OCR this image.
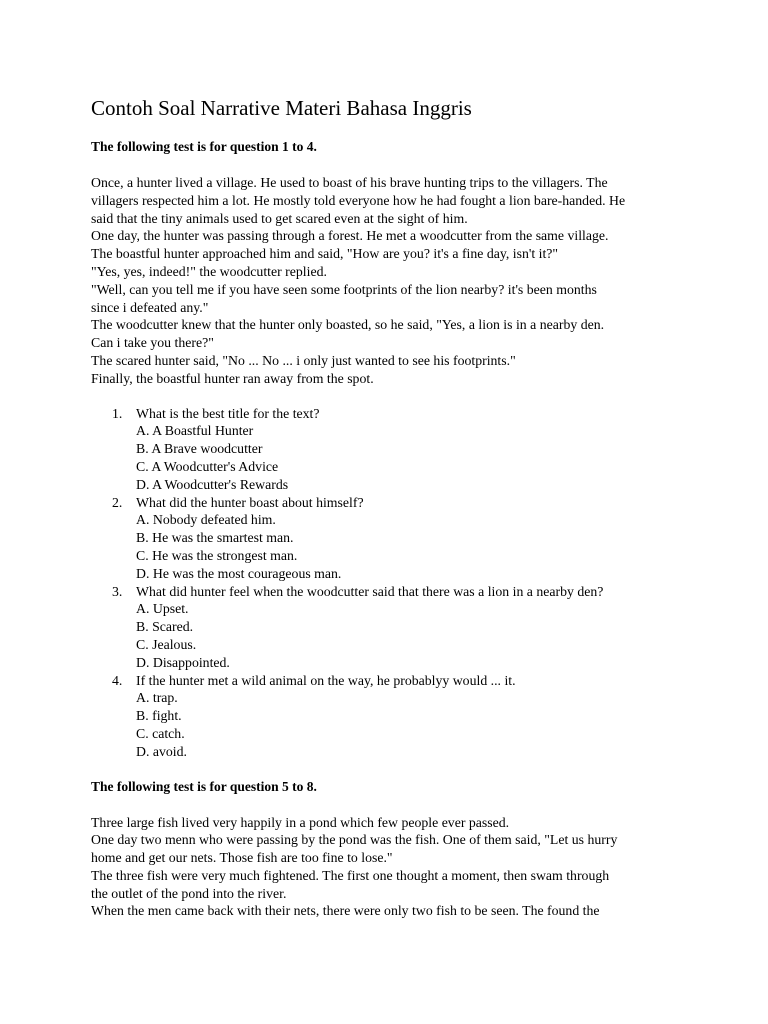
Contoh Soal Narrative Materi Bahasa Inggris

The following test is for question 1 to 4.

Once, a hunter lived a village. He used to boast of his brave hunting trips to the villagers. The
villagers respected him a lot. He mostly told everyone how he had fought a lion bare-handed. He
said that the tiny animals used to get scared even at the sight of him.
One day, the hunter was passing through a forest. He met a woodcutter from the same village.
The boastful hunter approached him and said, "How are you? it's a fine day, isn't it?"
"Yes, yes, indeed!" the woodcutter replied.
"Well, can you tell me if you have seen some footprints of the lion nearby? it's been months
since i defeated any."
The woodcutter knew that the hunter only boasted, so he said, "Yes, a lion is in a nearby den.
Can i take you there?"
The scared hunter said, "No ... No ... i only just wanted to see his footprints."
Finally, the boastful hunter ran away from the spot.
1. What is the best title for the text?
A. A Boastful Hunter
B. A Brave woodcutter
C. A Woodcutter's Advice
D. A Woodcutter's Rewards
2. What did the hunter boast about himself?
A. Nobody defeated him.
B. He was the smartest man.
C. He was the strongest man.
D. He was the most courageous man.
3. What did hunter feel when the woodcutter said that there was a lion in a nearby den?
A. Upset.
B. Scared.
C. Jealous.
D. Disappointed.
4. If the hunter met a wild animal on the way, he probablyy would ... it.
A. trap.
B. fight.
C. catch.
D. avoid.

The following test is for question 5 to 8.

Three large fish lived very happily in a pond which few people ever passed.
One day two menn who were passing by the pond was the fish. One of them said, "Let us hurry
home and get our nets. Those fish are too fine to lose."
The three fish were very much fightened. The first one thought a moment, then swam through
the outlet of the pond into the river.
When the men came back with their nets, there were only two fish to be seen. The found the
